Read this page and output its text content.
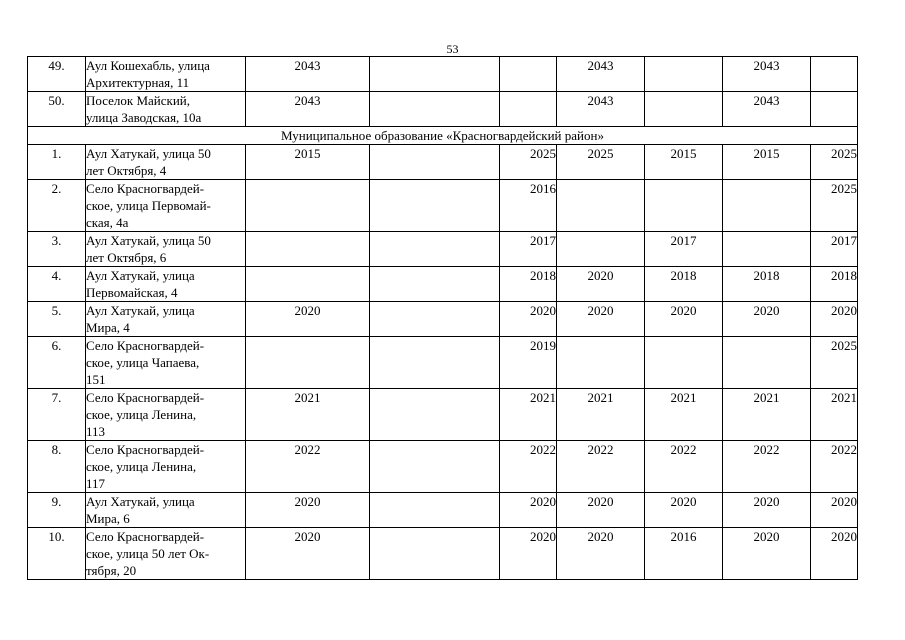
53
49.	Аул Кошехабль, улица
Архитектурная, 11	2043			2043		2043	
50.	Поселок Майский,
улица Заводская, 10а	2043			2043		2043	
Муниципальное образование «Красногвардейский район»								
1.	Аул Хатукай, улица 50
лет Октября, 4	2015		2025	2025	2015	2015	2025
2.	Село Красногвардей-
ское, улица Первомай-
ская, 4а			2016				2025
3.	Аул Хатукай, улица 50
лет Октября, 6			2017		2017		2017
4.	Аул Хатукай, улица
Первомайская, 4			2018	2020	2018	2018	2018
5.	Аул Хатукай, улица
Мира, 4	2020		2020	2020	2020	2020	2020
6.	Село Красногвардей-
ское, улица Чапаева,
151			2019				2025
7.	Село Красногвардей-
ское, улица Ленина,
113	2021		2021	2021	2021	2021	2021
8.	Село Красногвардей-
ское, улица Ленина,
117	2022		2022	2022	2022	2022	2022
9.	Аул Хатукай, улица
Мира, 6	2020		2020	2020	2020	2020	2020
10.	Село Красногвардей-
ское, улица 50 лет Ок-
тября, 20	2020		2020	2020	2016	2020	2020
